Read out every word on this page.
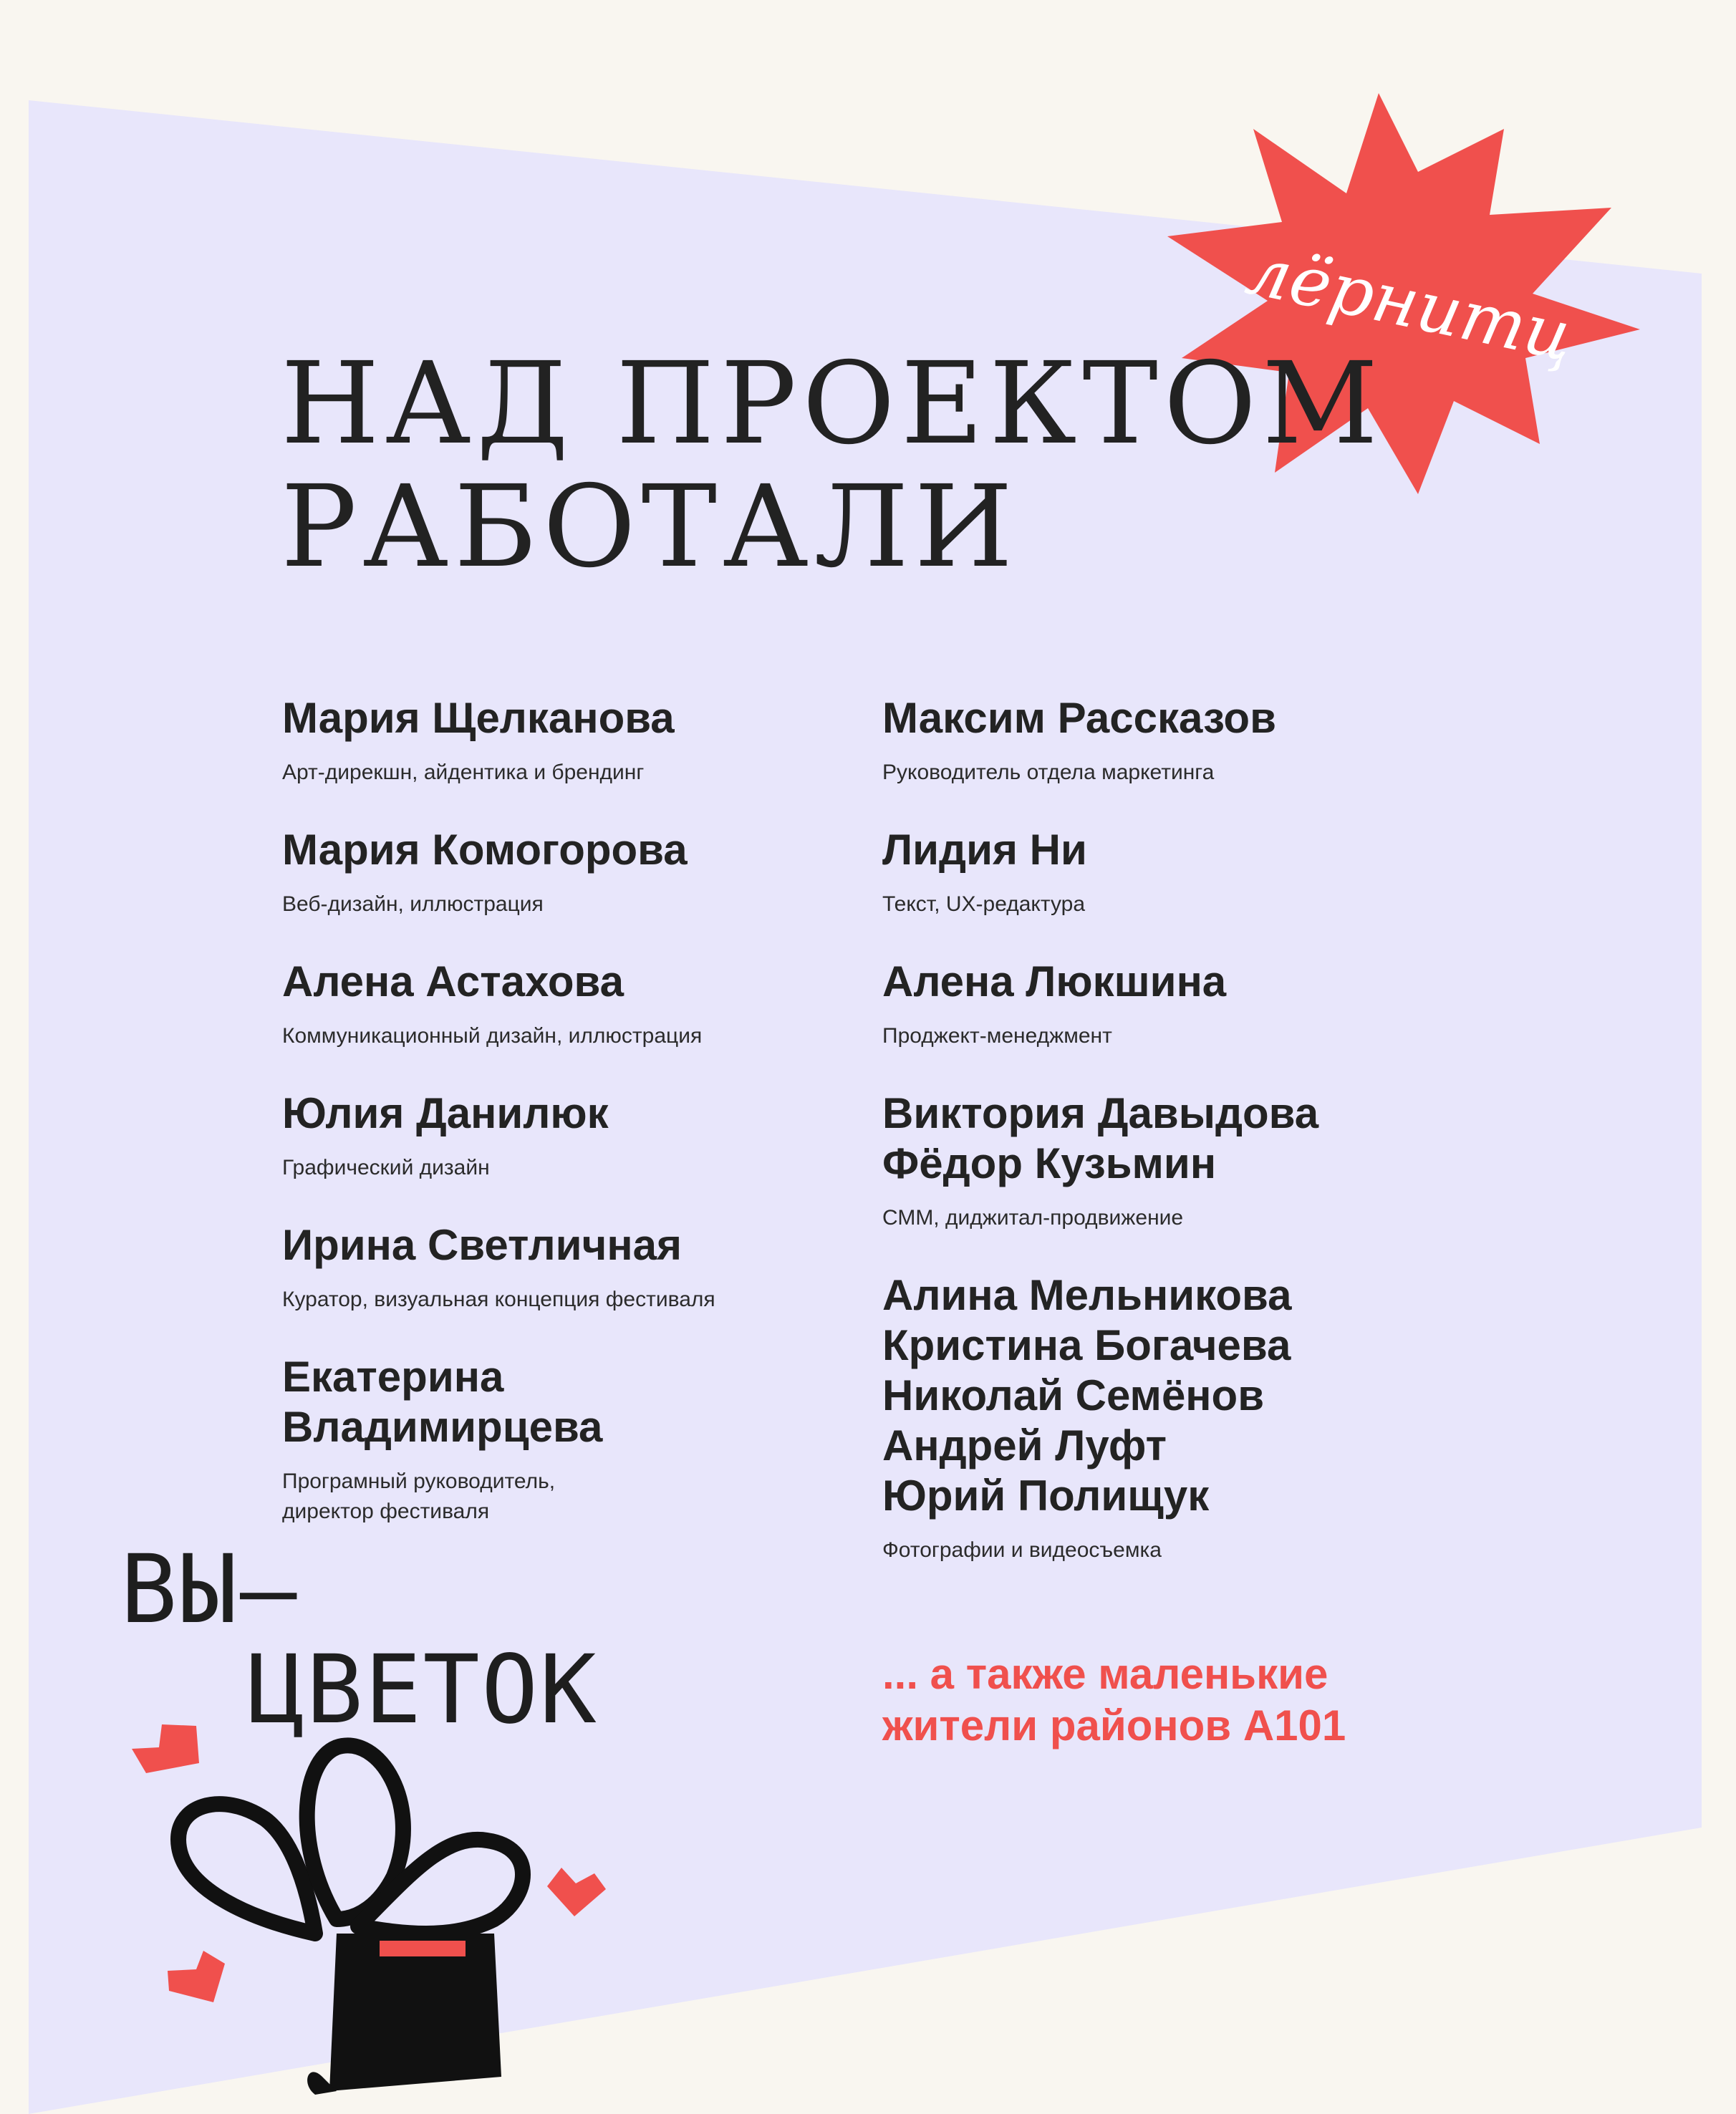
лёрнитц
НАД ПРОЕКТОМ
РАБОТАЛИ

Мария Щелканова

Арт-дирекшн, айдентика и брендинг

Мария Комогорова

Веб-дизайн, иллюстрация

Алена Астахова

Коммуникационный дизайн, иллюстрация

Юлия Данилюк

Графический дизайн

Ирина Светличная

Куратор, визуальная концепция фестиваля

Екатерина

Владимирцева

Програмный руководитель,
директор фестиваля

Максим Рассказов

Руководитель отдела маркетинга

Лидия Ни

Текст, UX-редактура

Алена Люкшина

Проджект-менеджмент

Виктория Давыдова

Фёдор Кузьмин

СММ, диджитал-продвижение

Алина Мельникова

Кристина Богачева

Николай Семёнов

Андрей Луфт

Юрий Полищук

Фотографии и видеосъемка

... а также маленькие
жители районов А101

ВЫ—

ЦВЕТОК
